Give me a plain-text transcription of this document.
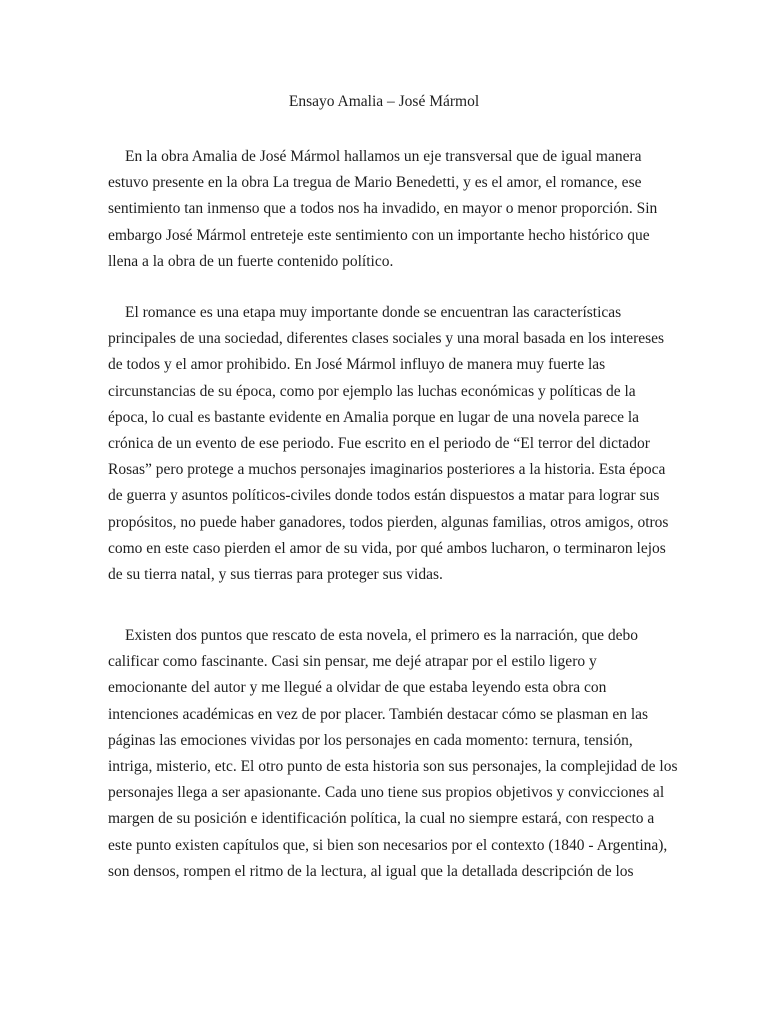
Ensayo Amalia – José Mármol
En la obra Amalia de José Mármol hallamos un eje transversal que de igual manera
estuvo presente en la obra La tregua de Mario Benedetti, y es el amor, el romance, ese
sentimiento tan inmenso que a todos nos ha invadido, en mayor o menor proporción. Sin
embargo José Mármol entreteje este sentimiento con un importante hecho histórico que
llena a la obra de un fuerte contenido político.
El romance es una etapa muy importante donde se encuentran las características
principales de una sociedad, diferentes clases sociales y una moral basada en los intereses
de todos y el amor prohibido. En José Mármol influyo de manera muy fuerte las
circunstancias de su época, como por ejemplo las luchas económicas y políticas de la
época, lo cual es bastante evidente en Amalia porque en lugar de una novela parece la
crónica de un evento de ese periodo. Fue escrito en el periodo de “El terror del dictador
Rosas” pero protege a muchos personajes imaginarios posteriores a la historia. Esta época
de guerra y asuntos políticos-civiles donde todos están dispuestos a matar para lograr sus
propósitos, no puede haber ganadores, todos pierden, algunas familias, otros amigos, otros
como en este caso pierden el amor de su vida, por qué ambos lucharon, o terminaron lejos
de su tierra natal, y sus tierras para proteger sus vidas.
Existen dos puntos que rescato de esta novela, el primero es la narración, que debo
calificar como fascinante. Casi sin pensar, me dejé atrapar por el estilo ligero y
emocionante del autor y me llegué a olvidar de que estaba leyendo esta obra con
intenciones académicas en vez de por placer. También destacar cómo se plasman en las
páginas las emociones vividas por los personajes en cada momento: ternura, tensión,
intriga, misterio, etc. El otro punto de esta historia son sus personajes, la complejidad de los
personajes llega a ser apasionante. Cada uno tiene sus propios objetivos y convicciones al
margen de su posición e identificación política, la cual no siempre estará, con respecto a
este punto existen capítulos que, si bien son necesarios por el contexto (1840 - Argentina),
son densos, rompen el ritmo de la lectura, al igual que la detallada descripción de los
